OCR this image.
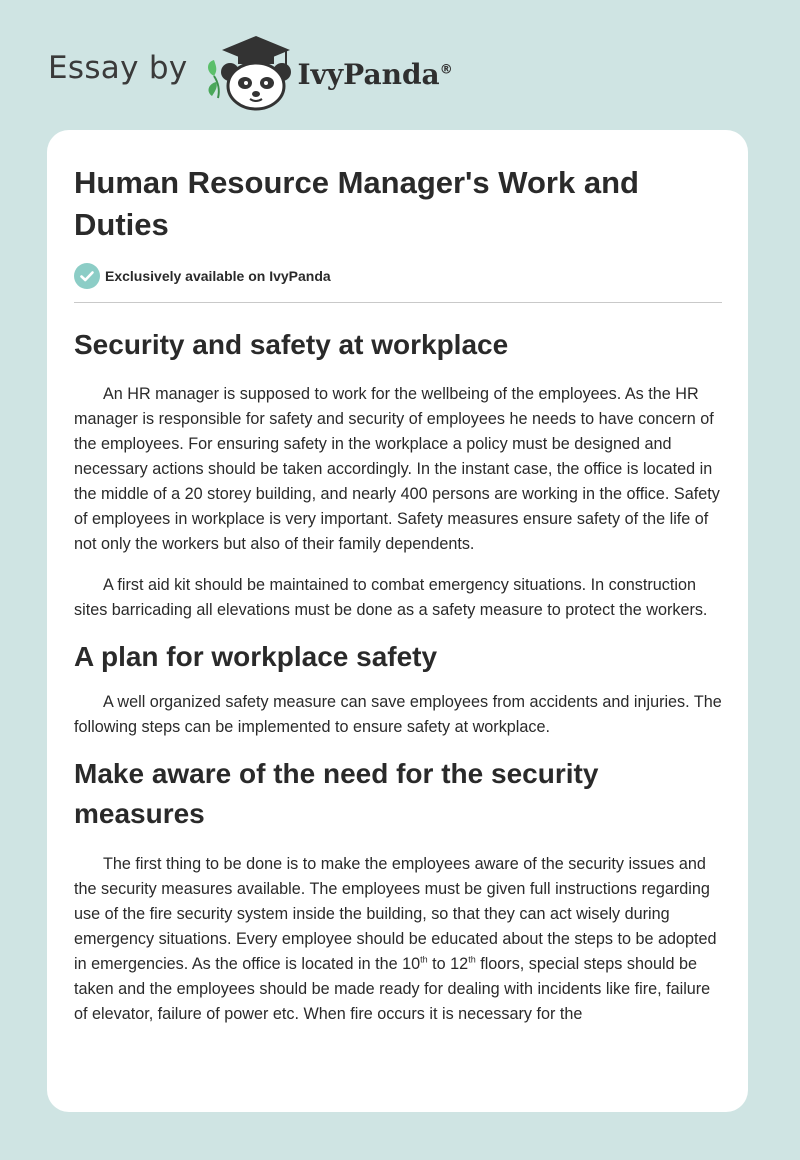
Essay by	IvyPanda®
Human Resource Manager's Work and Duties
Exclusively available on IvyPanda
Security and safety at workplace

An HR manager is supposed to work for the wellbeing of the employees. As the HR manager is responsible for safety and security of employees he needs to have concern of the employees. For ensuring safety in the workplace a policy must be designed and necessary actions should be taken accordingly. In the instant case, the office is located in the middle of a 20 storey building, and nearly 400 persons are working in the office. Safety of employees in workplace is very important. Safety measures ensure safety of the life of not only the workers but also of their family dependents.

A first aid kit should be maintained to combat emergency situations. In construction sites barricading all elevations must be done as a safety measure to protect the workers.

A plan for workplace safety

A well organized safety measure can save employees from accidents and injuries. The following steps can be implemented to ensure safety at workplace.

Make aware of the need for the security measures

The first thing to be done is to make the employees aware of the security issues and the security measures available. The employees must be given full instructions regarding use of the fire security system inside the building, so that they can act wisely during emergency situations. Every employee should be educated about the steps to be adopted in emergencies. As the office is located in the 10th to 12th floors, special steps should be taken and the employees should be made ready for dealing with incidents like fire, failure of elevator, failure of power etc. When fire occurs it is necessary for the
